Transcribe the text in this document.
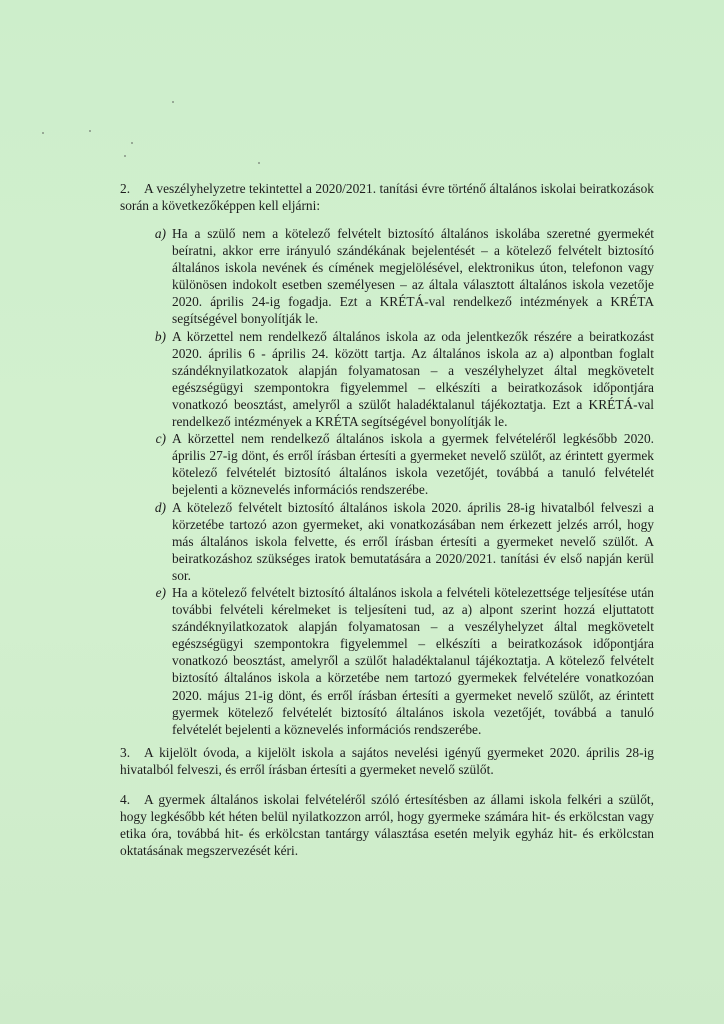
2. A veszélyhelyzetre tekintettel a 2020/2021. tanítási évre történő általános iskolai beiratkozások során a következőképpen kell eljárni:

a) Ha a szülő nem a kötelező felvételt biztosító általános iskolába szeretné gyermekét beíratni, akkor erre irányuló szándékának bejelentését – a kötelező felvételt biztosító általános iskola nevének és címének megjelölésével, elektronikus úton, telefonon vagy különösen indokolt esetben személyesen – az általa választott általános iskola vezetője 2020. április 24-ig fogadja. Ezt a KRÉTÁ-val rendelkező intézmények a KRÉTA segítségével bonyolítják le.

b) A körzettel nem rendelkező általános iskola az oda jelentkezők részére a beiratkozást 2020. április 6 - április 24. között tartja. Az általános iskola az a) alpontban foglalt szándéknyilatkozatok alapján folyamatosan – a veszélyhelyzet által megkövetelt egészségügyi szempontokra figyelemmel – elkészíti a beiratkozások időpontjára vonatkozó beosztást, amelyről a szülőt haladéktalanul tájékoztatja. Ezt a KRÉTÁ-val rendelkező intézmények a KRÉTA segítségével bonyolítják le.

c) A körzettel nem rendelkező általános iskola a gyermek felvételéről legkésőbb 2020. április 27-ig dönt, és erről írásban értesíti a gyermeket nevelő szülőt, az érintett gyermek kötelező felvételét biztosító általános iskola vezetőjét, továbbá a tanuló felvételét bejelenti a köznevelés információs rendszerébe.

d) A kötelező felvételt biztosító általános iskola 2020. április 28-ig hivatalból felveszi a körzetébe tartozó azon gyermeket, aki vonatkozásában nem érkezett jelzés arról, hogy más általános iskola felvette, és erről írásban értesíti a gyermeket nevelő szülőt. A beiratkozáshoz szükséges iratok bemutatására a 2020/2021. tanítási év első napján kerül sor.

e) Ha a kötelező felvételt biztosító általános iskola a felvételi kötelezettsége teljesítése után további felvételi kérelmeket is teljesíteni tud, az a) alpont szerint hozzá eljuttatott szándéknyilatkozatok alapján folyamatosan – a veszélyhelyzet által megkövetelt egészségügyi szempontokra figyelemmel – elkészíti a beiratkozások időpontjára vonatkozó beosztást, amelyről a szülőt haladéktalanul tájékoztatja. A kötelező felvételt biztosító általános iskola a körzetébe nem tartozó gyermekek felvételére vonatkozóan 2020. május 21-ig dönt, és erről írásban értesíti a gyermeket nevelő szülőt, az érintett gyermek kötelező felvételét biztosító általános iskola vezetőjét, továbbá a tanuló felvételét bejelenti a köznevelés információs rendszerébe.

3. A kijelölt óvoda, a kijelölt iskola a sajátos nevelési igényű gyermeket 2020. április 28-ig hivatalból felveszi, és erről írásban értesíti a gyermeket nevelő szülőt.
4. A gyermek általános iskolai felvételéről szóló értesítésben az állami iskola felkéri a szülőt, hogy legkésőbb két héten belül nyilatkozzon arról, hogy gyermeke számára hit- és erkölcstan vagy etika óra, továbbá hit- és erkölcstan tantárgy választása esetén melyik egyház hit- és erkölcstan oktatásának megszervezését kéri.
